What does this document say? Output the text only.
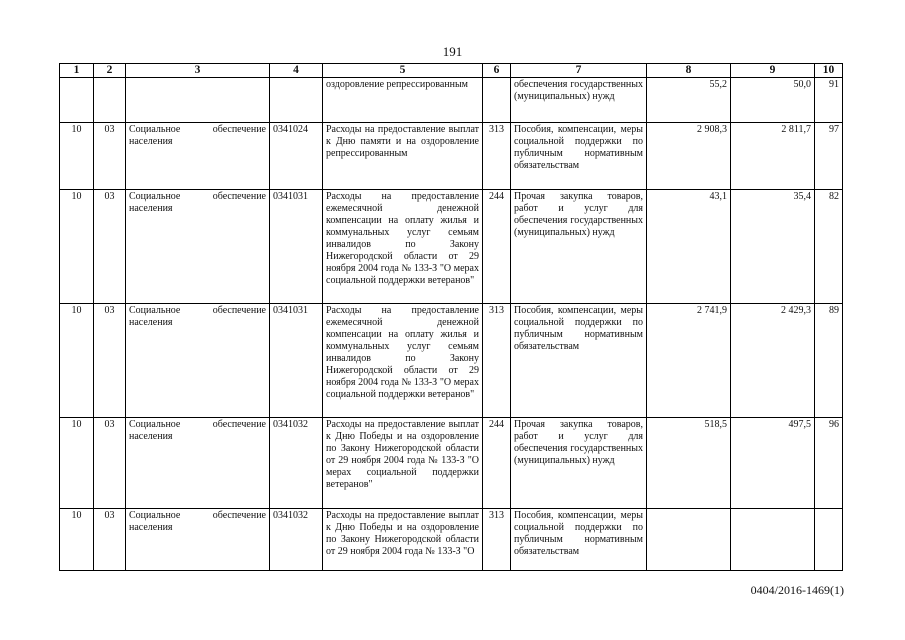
191
1	2	3	4	5	6	7	8	9	10
				оздоровление репрессированным		обеспечения государственных (муниципальных) нужд	55,2	50,0	91
10	03	Социальное обеспечение населения	0341024	Расходы на предоставление выплат к Дню памяти и на оздоровление репрессированным	313	Пособия, компенсации, меры социальной поддержки по публичным нормативным обязательствам	2 908,3	2 811,7	97
10	03	Социальное обеспечение населения	0341031	Расходы на предоставление ежемесячной денежной компенсации на оплату жилья и коммунальных услуг семьям инвалидов по Закону Нижегородской области от 29 ноября 2004 года № 133-З "О мерах социальной поддержки ветеранов"	244	Прочая закупка товаров, работ и услуг для обеспечения государственных (муниципальных) нужд	43,1	35,4	82
10	03	Социальное обеспечение населения	0341031	Расходы на предоставление ежемесячной денежной компенсации на оплату жилья и коммунальных услуг семьям инвалидов по Закону Нижегородской области от 29 ноября 2004 года № 133-З "О мерах социальной поддержки ветеранов"	313	Пособия, компенсации, меры социальной поддержки по публичным нормативным обязательствам	2 741,9	2 429,3	89
10	03	Социальное обеспечение населения	0341032	Расходы на предоставление выплат к Дню Победы и на оздоровление по Закону Нижегородской области от 29 ноября 2004 года № 133-З "О мерах социальной поддержки ветеранов"	244	Прочая закупка товаров, работ и услуг для обеспечения государственных (муниципальных) нужд	518,5	497,5	96
10	03	Социальное обеспечение населения	0341032	Расходы на предоставление выплат к Дню Победы и на оздоровление по Закону Нижегородской области от 29 ноября 2004 года № 133-З "О	313	Пособия, компенсации, меры социальной поддержки по публичным нормативным обязательствам			
0404/2016-1469(1)
